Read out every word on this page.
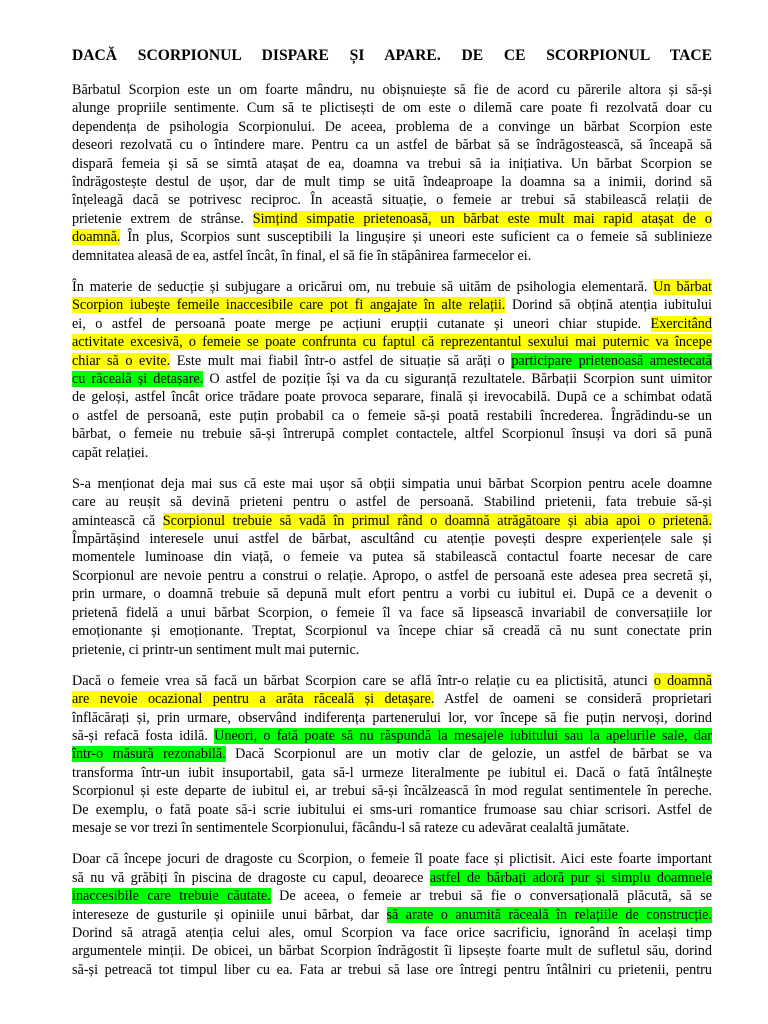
DACĂ SCORPIONUL DISPARE ȘI APARE. DE CE SCORPIONUL TACE
Bărbatul Scorpion este un om foarte mândru, nu obișnuiește să fie de acord cu părerile altora și să-și
alunge propriile sentimente. Cum să te plictisești de om este o dilemă care poate fi rezolvată doar cu
dependența de psihologia Scorpionului. De aceea, problema de a convinge un bărbat Scorpion este
deseori rezolvată cu o întindere mare. Pentru ca un astfel de bărbat să se îndrăgostească, să înceapă să
dispară femeia și să se simtă atașat de ea, doamna va trebui să ia inițiativa. Un bărbat Scorpion se
îndrăgostește destul de ușor, dar de mult timp se uită îndeaproape la doamna sa a inimii, dorind să
înțeleagă dacă se potrivesc reciproc. În această situație, o femeie ar trebui să stabilească relații de
prietenie extrem de strânse. Simțind simpatie prietenoasă, un bărbat este mult mai rapid atașat de o
doamnă. În plus, Scorpios sunt susceptibili la lingușire și uneori este suficient ca o femeie să sublinieze
demnitatea aleasă de ea, astfel încât, în final, el să fie în stăpânirea farmecelor ei.
În materie de seducție și subjugare a oricărui om, nu trebuie să uităm de psihologia elementară. Un bărbat
Scorpion iubește femeile inaccesibile care pot fi angajate în alte relații. Dorind să obțină atenția iubitului
ei, o astfel de persoană poate merge pe acțiuni erupții cutanate și uneori chiar stupide. Exercitând
activitate excesivă, o femeie se poate confrunta cu faptul că reprezentantul sexului mai puternic va începe
chiar să o evite. Este mult mai fiabil într-o astfel de situație să arăți o participare prietenoasă amestecată
cu răceală și detașare. O astfel de poziție își va da cu siguranță rezultatele. Bărbații Scorpion sunt uimitor
de geloși, astfel încât orice trădare poate provoca separare, finală și irevocabilă. După ce a schimbat odată
o astfel de persoană, este puțin probabil ca o femeie să-și poată restabili încrederea. Îngrădindu-se un
bărbat, o femeie nu trebuie să-și întrerupă complet contactele, altfel Scorpionul însuși va dori să pună
capăt relației.
S-a menționat deja mai sus că este mai ușor să obții simpatia unui bărbat Scorpion pentru acele doamne
care au reușit să devină prieteni pentru o astfel de persoană. Stabilind prietenii, fata trebuie să-și
amintească că Scorpionul trebuie să vadă în primul rând o doamnă atrăgătoare și abia apoi o prietenă.
Împărtășind interesele unui astfel de bărbat, ascultând cu atenție povești despre experiențele sale și
momentele luminoase din viață, o femeie va putea să stabilească contactul foarte necesar de care
Scorpionul are nevoie pentru a construi o relație. Apropo, o astfel de persoană este adesea prea secretă și,
prin urmare, o doamnă trebuie să depună mult efort pentru a vorbi cu iubitul ei. După ce a devenit o
prietenă fidelă a unui bărbat Scorpion, o femeie îl va face să lipsească invariabil de conversațiile lor
emoționante și emoționante. Treptat, Scorpionul va începe chiar să creadă că nu sunt conectate prin
prietenie, ci printr-un sentiment mult mai puternic.
Dacă o femeie vrea să facă un bărbat Scorpion care se află într-o relație cu ea plictisită, atunci o doamnă
are nevoie ocazional pentru a arăta răceală și detașare. Astfel de oameni se consideră proprietari
înflăcărați și, prin urmare, observând indiferența partenerului lor, vor începe să fie puțin nervoși, dorind
să-și refacă fosta idilă. Uneori, o fată poate să nu răspundă la mesajele iubitului sau la apelurile sale, dar
într-o măsură rezonabilă. Dacă Scorpionul are un motiv clar de gelozie, un astfel de bărbat se va
transforma într-un iubit insuportabil, gata să-l urmeze literalmente pe iubitul ei. Dacă o fată întâlnește
Scorpionul și este departe de iubitul ei, ar trebui să-și încălzească în mod regulat sentimentele în pereche.
De exemplu, o fată poate să-i scrie iubitului ei sms-uri romantice frumoase sau chiar scrisori. Astfel de
mesaje se vor trezi în sentimentele Scorpionului, făcându-l să rateze cu adevărat cealaltă jumătate.
Doar că începe jocuri de dragoste cu Scorpion, o femeie îl poate face și plictisit. Aici este foarte important
să nu vă grăbiți în piscina de dragoste cu capul, deoarece astfel de bărbați adoră pur și simplu doamnele
inaccesibile care trebuie căutate. De aceea, o femeie ar trebui să fie o conversațională plăcută, să se
intereseze de gusturile și opiniile unui bărbat, dar să arate o anumită răceală în relațiile de construcție.
Dorind să atragă atenția celui ales, omul Scorpion va face orice sacrificiu, ignorând în același timp
argumentele minții. De obicei, un bărbat Scorpion îndrăgostit îi lipsește foarte mult de sufletul său, dorind
să-și petreacă tot timpul liber cu ea. Fata ar trebui să lase ore întregi pentru întâlniri cu prietenii, pentru
